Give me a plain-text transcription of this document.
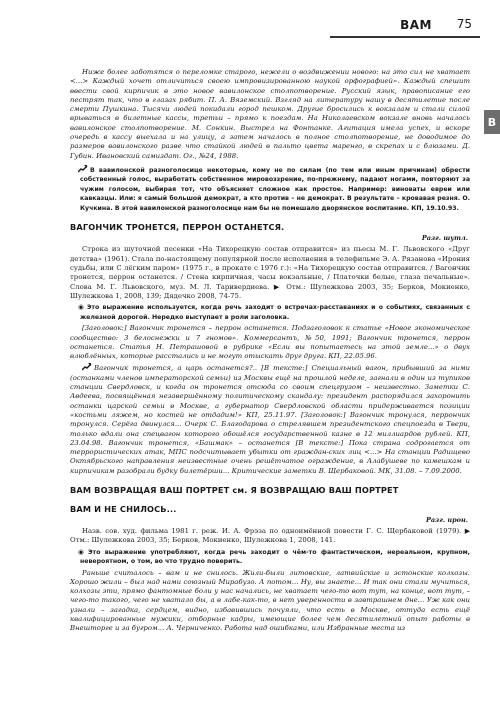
ВАМ 75
В

Ниже более заботятся о переломке старого, нежели о воздвижении нового: на это сил не хватает <...> Каждый хочет отличиться своею импровизированною наукой орфографией». Каждый спешит ввести свой кирпичик в это новое вавилонское столпотворение. Русский язык, правописание его пестрят так, что в глазах рябит. П. А. Вяземский. Взгляд на литературу нашу в десятилетие после смерти Пушкина. Тысячи людей покидали город пешком. Другие бросились к вокзалам и стали силой врываться в билетные кассы, третьи – прямо к поездам. На Николаевском вокзале вновь началось вавилонское столпотворение. М. Сонкин. Выстрел на Фонтанке. Агитация имела успех, и вскоре очередь в кассу выехала и на улицу, а затем началось в полное столпотворение, не доводимое до размеров вавилонского разве что стайкой людей в пальто цвета маренго, в скрепах и с блюзами. Д. Губин. Ивановский самиздат. Ог., №24, 1988.

В вавилонской разноголосице некоторые, кому не по силам (по тем или иным причинам) обрести собственный голос, выработать собственное мировоззрение, по-прежнему, падают ногами, повторяют за чужим голосом, выбирая тот, что объясняет сложное как простое. Например: виноваты евреи или кавказцы. Или: я самый большой демократ, а кто против – не демократ. В результате – кровавая резня. О. Кучкина. В этой вавилонской разноголосице нам бы не помешало дворянское воспитание. КП, 19.10.93.

ВАГОНЧИК ТРОНЕТСЯ, ПЕРРОН ОСТАНЕТСЯ.

Разг. шутл.

Строка из шуточной песенки «На Тихорецкую состав отправится» из пьесы М. Г. Львовского «Друг детства» (1961). Стала по-настоящему популярной после исполнения в телефильме Э. А. Рязанова «Ирония судьбы, или С лёгким паром» (1975 г., в прокате с 1976 г.): «На Тихорецкую состав отправится. / Вагончик тронется, перрон останется. / Стена кирпичная, часы вокзальные, / Платочки белые, глаза печальные». Слова М. Г. Львовского, муз. М. Л. Таривердиева. ▶ Отм.: Шулежкова 2003, 35; Берков, Мокиенко, Шулежкова 1, 2008, 139; Дядечко 2008, 74-75.

◉ Это выражение используется, когда речь заходит о встречах-расставаниях и о событиях, связанных с железной дорогой. Нередко выступает в роли заголовка.

[Заголовок:] Вагончик тронется – перрон останется. Подзаголовок к статье «Новое экономическое сообщество: 3 белоснежки и 7 гномов». Коммерсантъ, №50, 1991; Вагончик тронется, перрон останется. Статья Н. Петрашовой в рубрике «Если вы попытаетесь на этой земле...» о двух влюблённых, которые расстались и не могут отыскать друг друга. КП, 22.05.96.

Вагончик тронется, а царь останется?.. [В тексте:] Специальный вагон, прибывший за ними (останками членов императорской семьи) из Москвы ещё на прошлой неделе, загнали в один из тупиков станции Свердловск, и когда он тронется отсюда со своим спецгрузом – неизвестно. Заметки С. Авдеева, посвящённая незавершённому политическому скандалу: президент распорядился захоронить останки царской семьи в Москве, а губернатор Свердловской области придерживается позиции «костьми ляжем, но костей не отдадим!» КП, 25.11.97. [Заголовок:] Вагончик тронулся, перрончик тронулся. Серёга двинулся... Очерк С. Благодарова о стрелявшем президентского спецпоезда в Твери, только вдали она спецвагон которого обошёлся государственной казне в 12 миллиардов рублей. КП, 23.04.98. Вагончик тронется, «Башмак» – останется [В тексте:] Пока страна содрогается от террористических атак, МПС подсчитывает убытки от граждан-ских лиц <...> На станции Радищево Октябрьского направления неизвестные очень решётчатое ограждение, в Алабушеве по камешкам и кирпичикам разобрали будку билетёрши... Критические заметки В. Щербаковой. МК, 31.08. – 7.09.2000.

ВАМ ВОЗВРАЩАЯ ВАШ ПОРТРЕТ см. Я ВОЗВРАЩАЮ ВАШ ПОРТРЕТ
ВАМ И НЕ СНИЛОСЬ...

Разг. ирон.

Назв. сов. худ. фильма 1981 г. реж. И. А. Фрэза по одноимённой повести Г. С. Щербаковой (1979). ▶ Отм.: Шулежкова 2003, 35; Берков, Мокиенко, Шулежкова 1, 2008, 141.

◉ Это выражение употребляют, когда речь заходит о чём-то фантастическом, нереальном, крупном, невероятном, о том, во что трудно поверить.

Раньше считалось – вам и не снилось. Жили-были литовские, латвийские и эстонские колхозы. Хорошо жили – был над нами союзный Мирабузо. А потом... Ну, вы знаете... И так они стали мучиться, колхозы эти, прямо фантомные боли у нас начались, не хватает чего-то вот тут, на конце, вот тут, – чего-то такого, чего не хватало бы, а в лабе-как-то, в нет уверенности в завтрашнем дне... Уж как они узнали – загадка, сердцем, видно, избавившись почуяли, что есть в Москве, оттуда есть ещё квалифицированные мужики, отборные кадры, имеющие более чем десятилетний опыт работы в Внешторге и за бугром... А. Черниченко. Работа над ошибками, или Избранные места из
